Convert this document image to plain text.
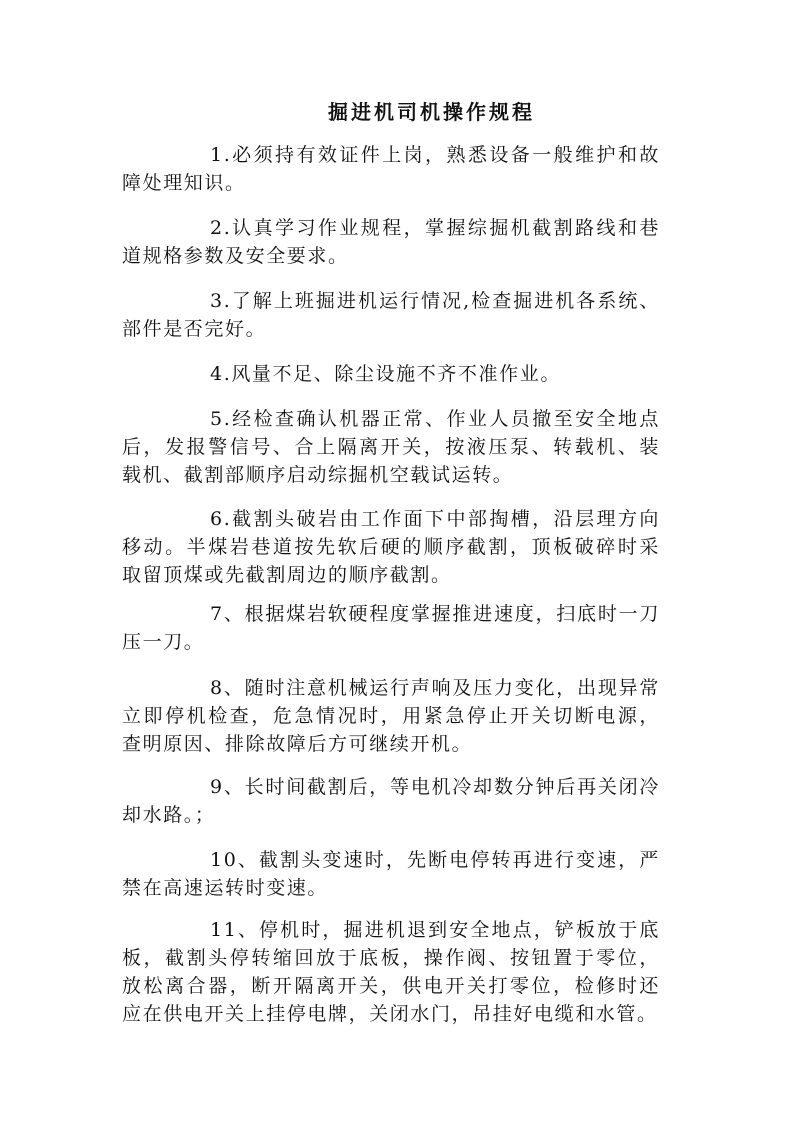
掘进机司机操作规程
1.必须持有效证件上岗，熟悉设备一般维护和故
障处理知识。
2.认真学习作业规程，掌握综掘机截割路线和巷
道规格参数及安全要求。
3.了解上班掘进机运行情况,检查掘进机各系统、
部件是否完好。
4.风量不足、除尘设施不齐不准作业。
5.经检查确认机器正常、作业人员撤至安全地点
后，发报警信号、合上隔离开关，按液压泵、转载机、装
载机、截割部顺序启动综掘机空载试运转。
6.截割头破岩由工作面下中部掏槽，沿层理方向
移动。半煤岩巷道按先软后硬的顺序截割，顶板破碎时采
取留顶煤或先截割周边的顺序截割。
7、根据煤岩软硬程度掌握推进速度，扫底时一刀
压一刀。
8、随时注意机械运行声响及压力变化，出现异常
立即停机检查，危急情况时，用紧急停止开关切断电源，
查明原因、排除故障后方可继续开机。
9、长时间截割后，等电机冷却数分钟后再关闭冷
却水路。；
10、截割头变速时，先断电停转再进行变速，严
禁在高速运转时变速。
11、停机时，掘进机退到安全地点，铲板放于底
板，截割头停转缩回放于底板，操作阀、按钮置于零位，
放松离合器，断开隔离开关，供电开关打零位，检修时还
应在供电开关上挂停电牌，关闭水门，吊挂好电缆和水管。
